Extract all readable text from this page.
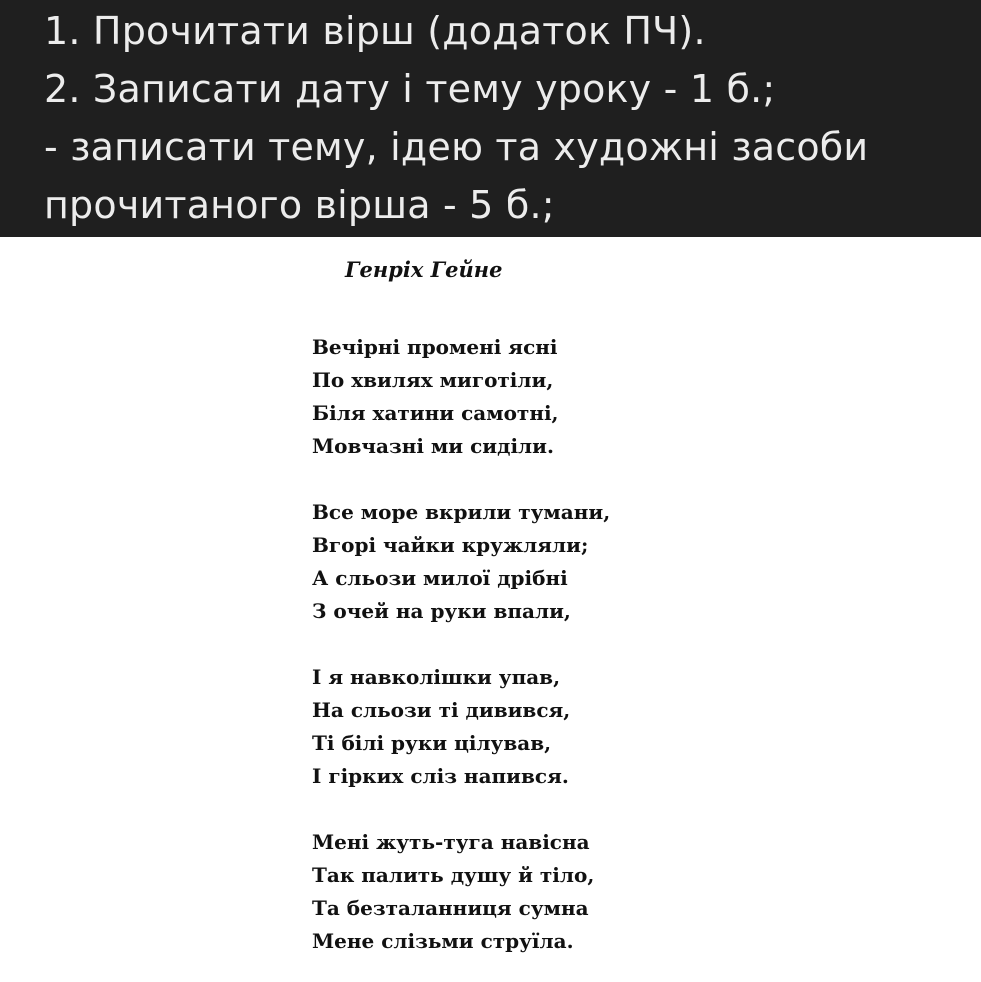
1. Прочитати вірш (додаток ПЧ).
2. Записати дату і тему уроку - 1 б.;
- записати тему, ідею та художні засоби
прочитаного вірша - 5 б.;
Генріх Гейне
Вечірні промені ясні
По хвилях миготіли,
Біля хатини самотні,
Мовчазні ми сиділи.
Все море вкрили тумани,
Вгорі чайки кружляли;
А сльози милої дрібні
З очей на руки впали,
І я навколішки упав,
На сльози ті дивився,
Ті білі руки цілував,
І гірких сліз напився.
Мені жуть-туга навісна
Так палить душу й тіло,
Та безталанниця сумна
Мене слізьми струїла.
